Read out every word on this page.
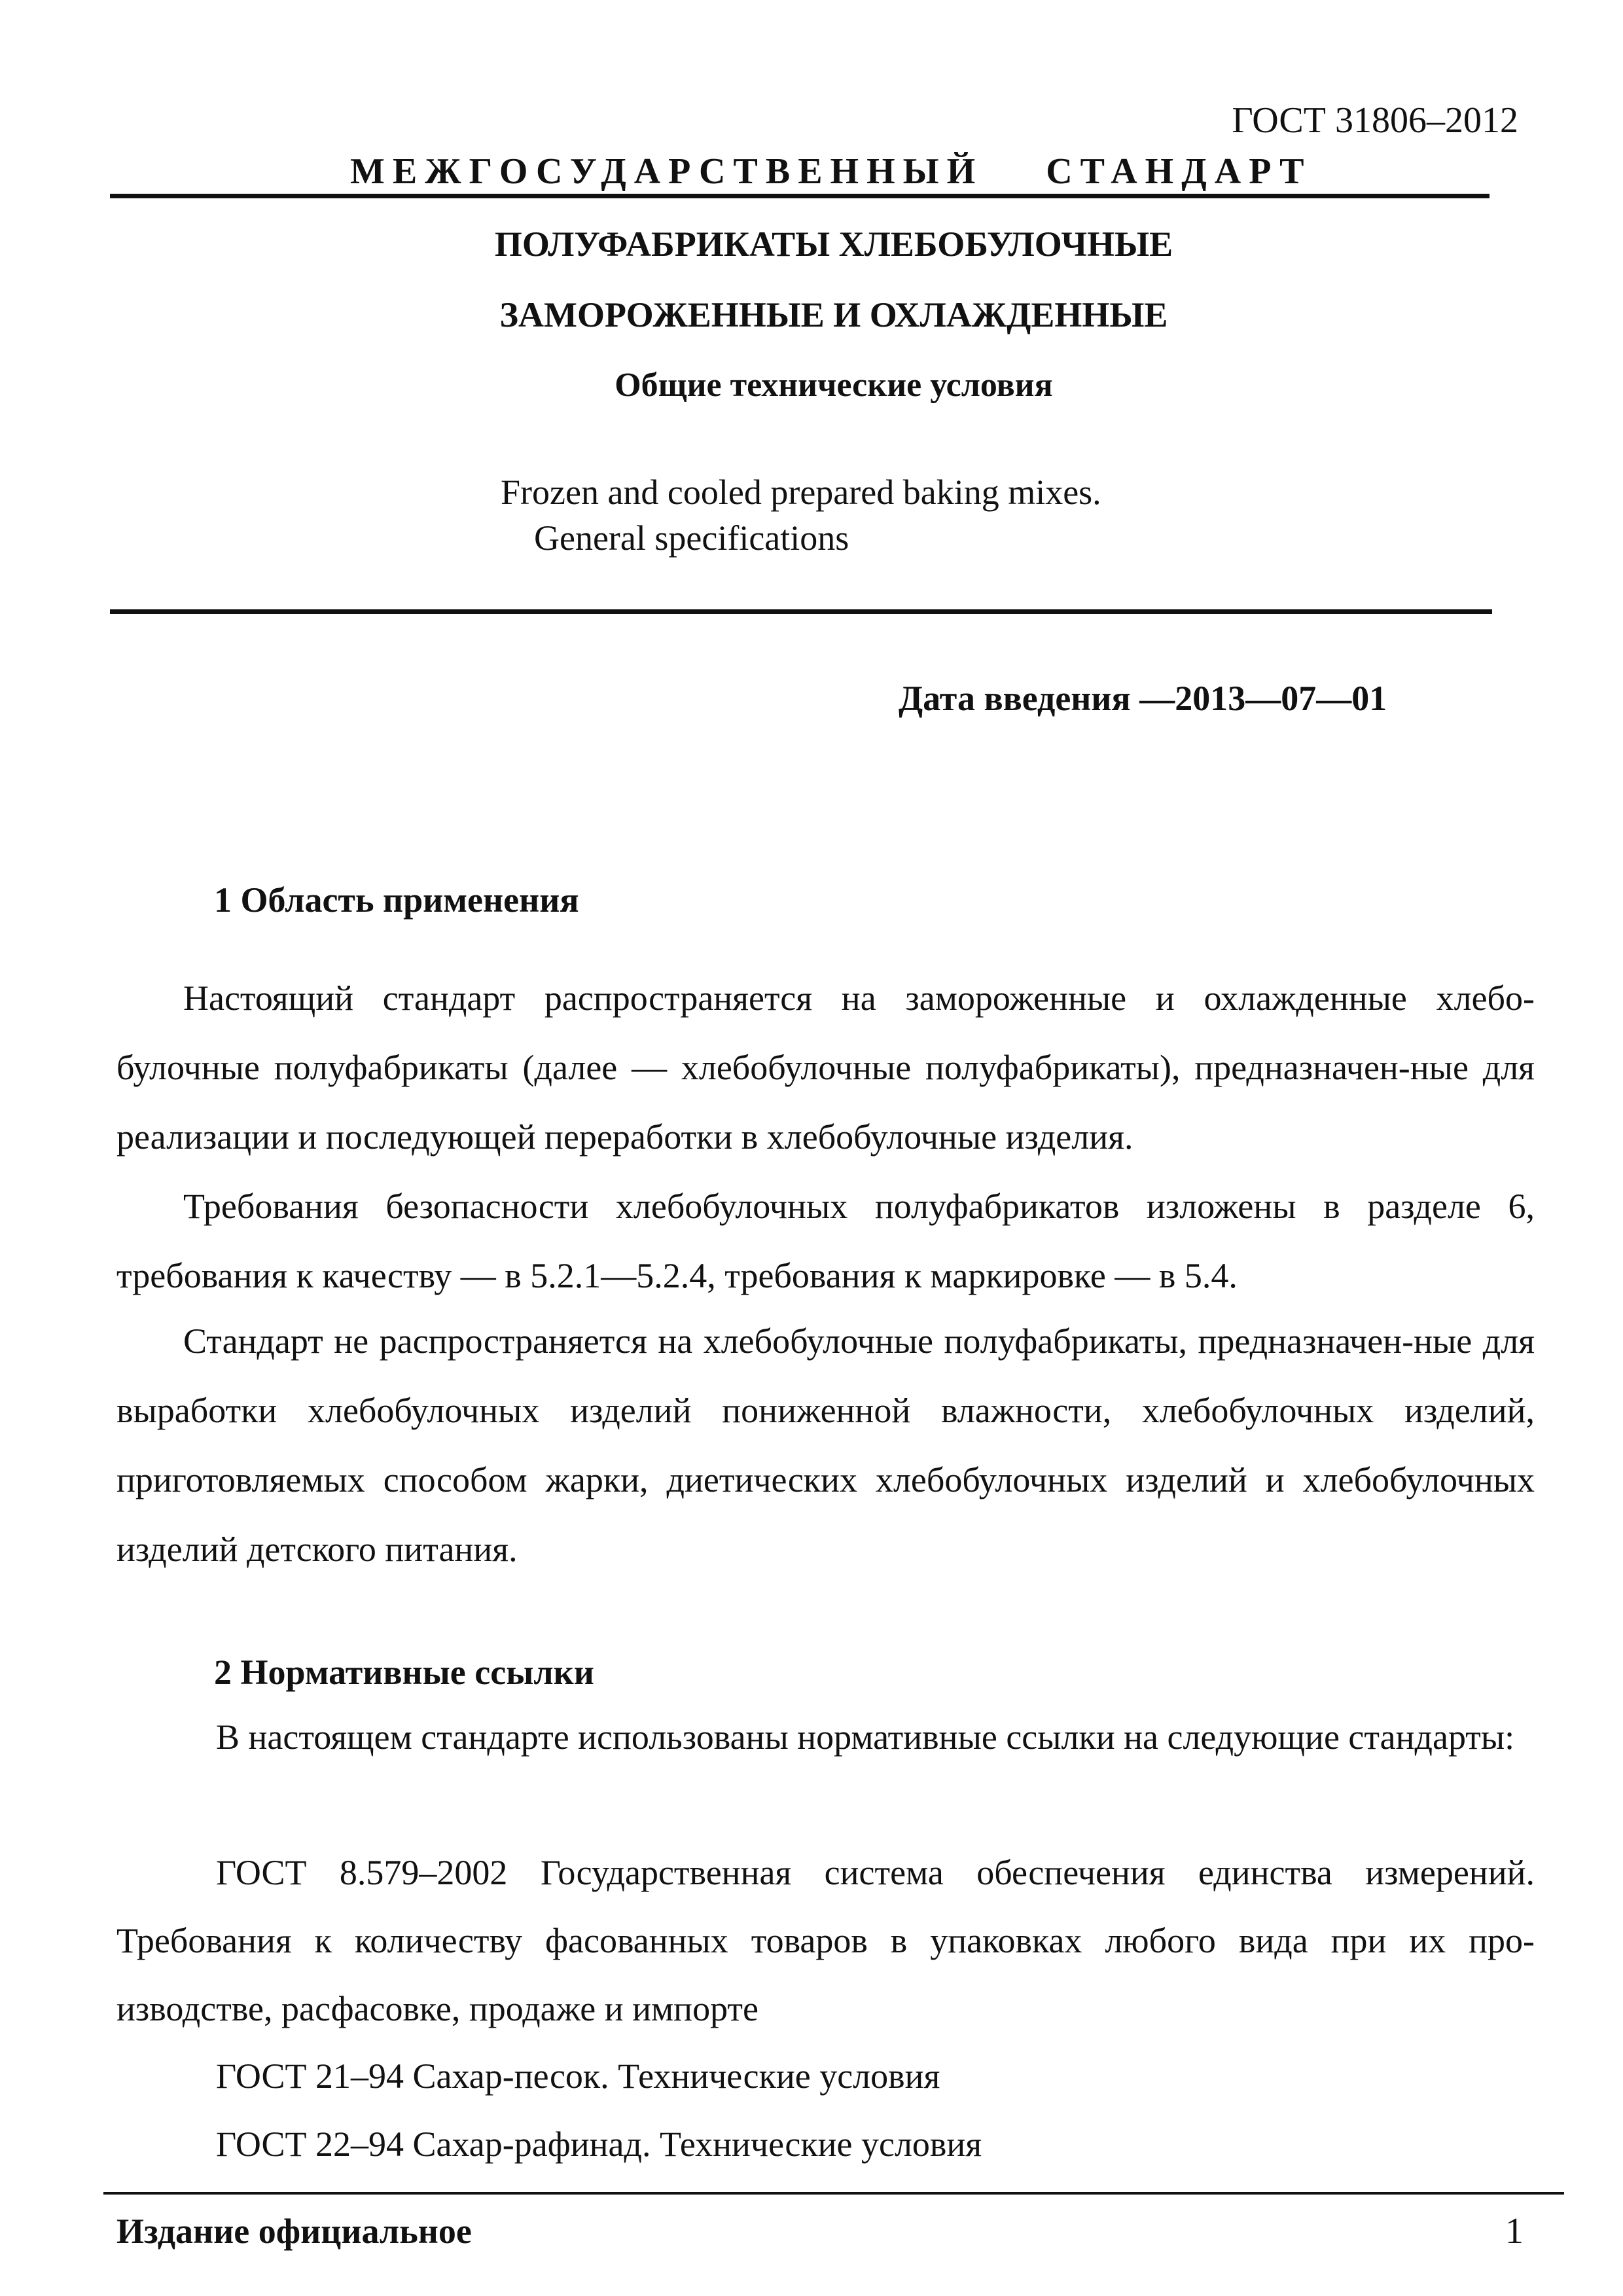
ГОСТ 31806–2012
МЕЖГОСУДАРСТВЕННЫЙ СТАНДАРТ
ПОЛУФАБРИКАТЫ ХЛЕБОБУЛОЧНЫЕ
ЗАМОРОЖЕННЫЕ И ОХЛАЖДЕННЫЕ
Общие технические условия
Frozen and cooled prepared baking mixes.
General specifications
Дата введения —2013—07—01
1 Область применения
Настоящий стандарт распространяется на замороженные и охлажденные хлебо-булочные полуфабрикаты (далее — хлебобулочные полуфабрикаты), предназначен-ные для реализации и последующей переработки в хлебобулочные изделия.
Требования безопасности хлебобулочных полуфабрикатов изложены в разделе 6, требования к качеству — в 5.2.1—5.2.4, требования к маркировке — в 5.4.
Стандарт не распространяется на хлебобулочные полуфабрикаты, предназначен-ные для выработки хлебобулочных изделий пониженной влажности, хлебобулочных изделий, приготовляемых способом жарки, диетических хлебобулочных изделий и хлебобулочных изделий детского питания.
2 Нормативные ссылки
В настоящем стандарте использованы нормативные ссылки на следующие стандарты:
ГОСТ 8.579–2002 Государственная система обеспечения единства измерений. Требования к количеству фасованных товаров в упаковках любого вида при их про-изводстве, расфасовке, продаже и импорте
ГОСТ 21–94 Сахар-песок. Технические условия
ГОСТ 22–94 Сахар-рафинад. Технические условия
Издание официальное	1
